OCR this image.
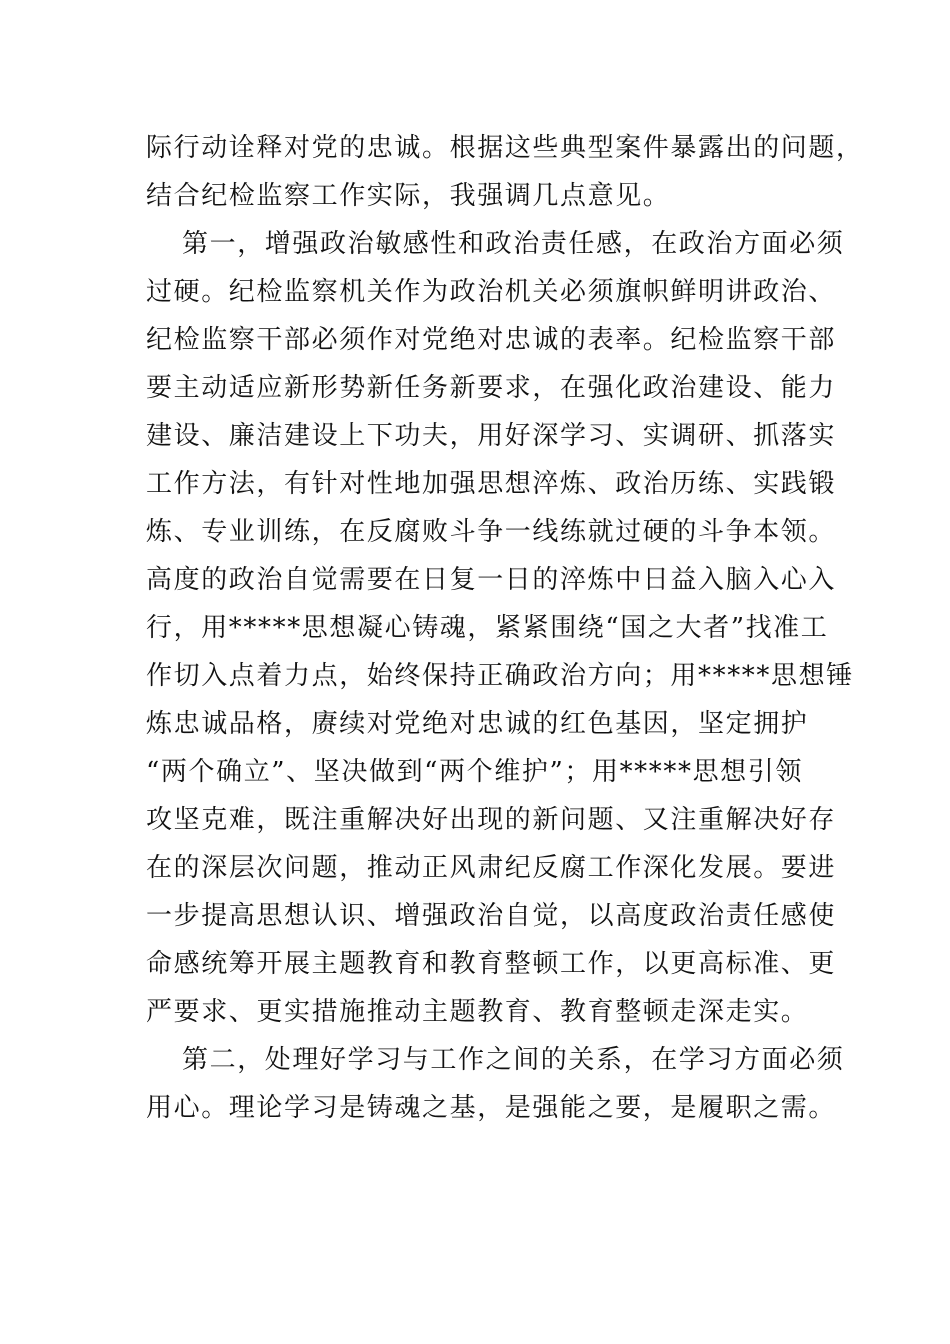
际行动诠释对党的忠诚。根据这些典型案件暴露出的问题，
结合纪检监察工作实际，我强调几点意见。
第一，增强政治敏感性和政治责任感，在政治方面必须
过硬。纪检监察机关作为政治机关必须旗帜鲜明讲政治、
纪检监察干部必须作对党绝对忠诚的表率。纪检监察干部
要主动适应新形势新任务新要求，在强化政治建设、能力
建设、廉洁建设上下功夫，用好深学习、实调研、抓落实
工作方法，有针对性地加强思想淬炼、政治历练、实践锻
炼、专业训练，在反腐败斗争一线练就过硬的斗争本领。
高度的政治自觉需要在日复一日的淬炼中日益入脑入心入
行，用*****思想凝心铸魂，紧紧围绕“国之大者”找准工
作切入点着力点，始终保持正确政治方向；用*****思想锤
炼忠诚品格，赓续对党绝对忠诚的红色基因，坚定拥护
“两个确立”、坚决做到“两个维护”；用*****思想引领
攻坚克难，既注重解决好出现的新问题、又注重解决好存
在的深层次问题，推动正风肃纪反腐工作深化发展。要进
一步提高思想认识、增强政治自觉，以高度政治责任感使
命感统筹开展主题教育和教育整顿工作，以更高标准、更
严要求、更实措施推动主题教育、教育整顿走深走实。
第二，处理好学习与工作之间的关系，在学习方面必须
用心。理论学习是铸魂之基，是强能之要，是履职之需。
